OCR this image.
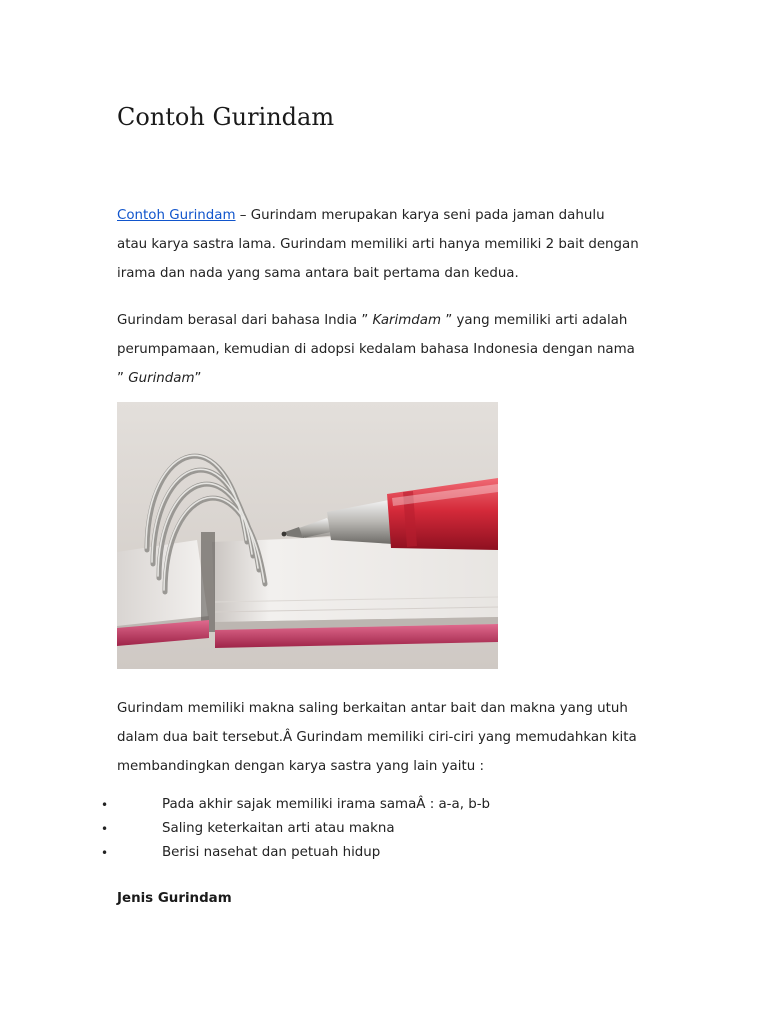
Contoh Gurindam

Contoh Gurindam – Gurindam merupakan karya seni pada jaman dahulu
atau karya sastra lama. Gurindam memiliki arti hanya memiliki 2 bait dengan
irama dan nada yang sama antara bait pertama dan kedua.

Gurindam berasal dari bahasa India ” Karimdam ” yang memiliki arti adalah
perumpamaan, kemudian di adopsi kedalam bahasa Indonesia dengan nama
” Gurindam”

Gurindam memiliki makna saling berkaitan antar bait dan makna yang utuh
dalam dua bait tersebut.Â Gurindam memiliki ciri-ciri yang memudahkan kita
membandingkan dengan karya sastra yang lain yaitu :

•	Pada akhir sajak memiliki irama samaÂ : a-a, b-b
•	Saling keterkaitan arti atau makna
•	Berisi nasehat dan petuah hidup
Jenis Gurindam
